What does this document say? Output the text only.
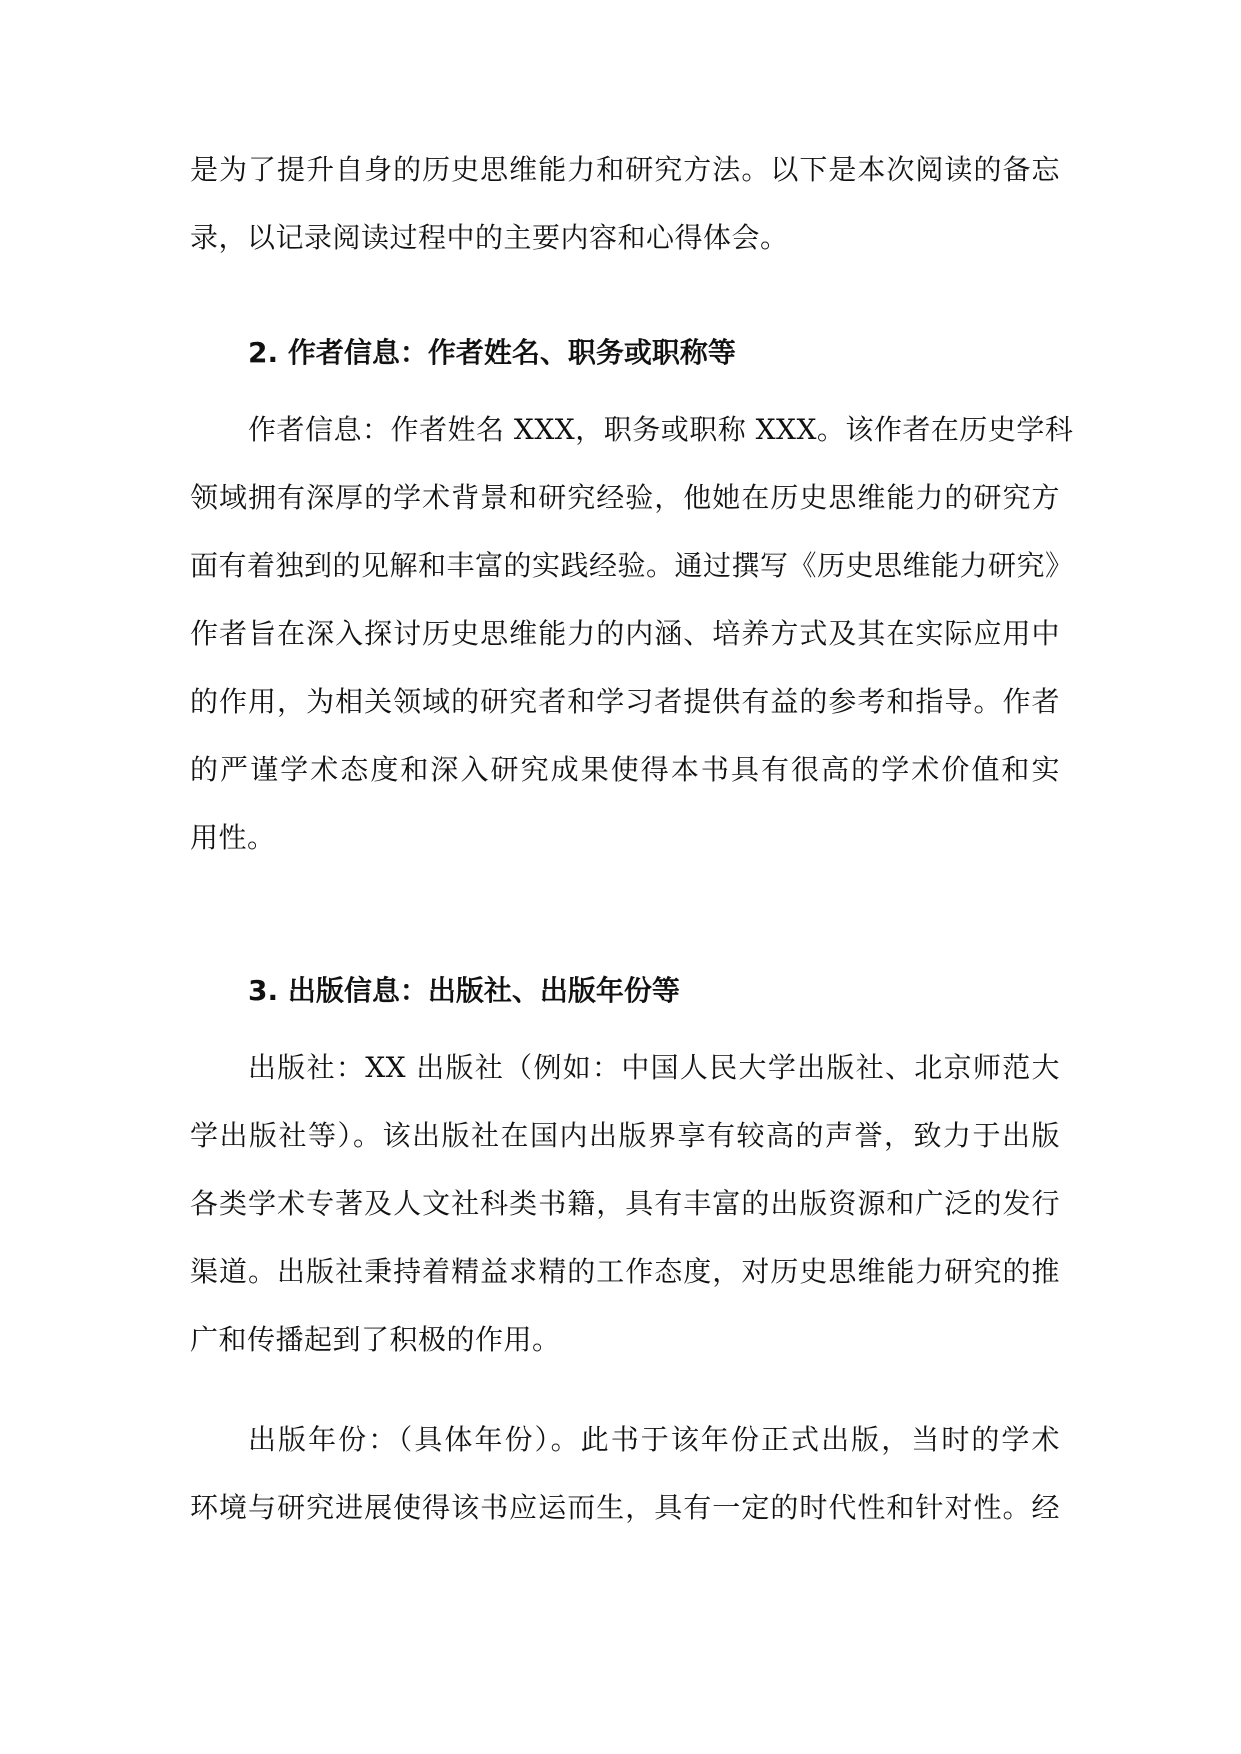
是为了提升自身的历史思维能力和研究方法。以下是本次阅读的备忘
录，以记录阅读过程中的主要内容和心得体会。
2. 作者信息：作者姓名、职务或职称等
作者信息：作者姓名 XXX，职务或职称 XXX。该作者在历史学科
领域拥有深厚的学术背景和研究经验，他她在历史思维能力的研究方
面有着独到的见解和丰富的实践经验。通过撰写《历史思维能力研究》
作者旨在深入探讨历史思维能力的内涵、培养方式及其在实际应用中
的作用，为相关领域的研究者和学习者提供有益的参考和指导。作者
的严谨学术态度和深入研究成果使得本书具有很高的学术价值和实
用性。
3. 出版信息：出版社、出版年份等
出版社：XX 出版社（例如：中国人民大学出版社、北京师范大
学出版社等）。该出版社在国内出版界享有较高的声誉，致力于出版
各类学术专著及人文社科类书籍，具有丰富的出版资源和广泛的发行
渠道。出版社秉持着精益求精的工作态度，对历史思维能力研究的推
广和传播起到了积极的作用。
出版年份：（具体年份）。此书于该年份正式出版，当时的学术
环境与研究进展使得该书应运而生，具有一定的时代性和针对性。经
